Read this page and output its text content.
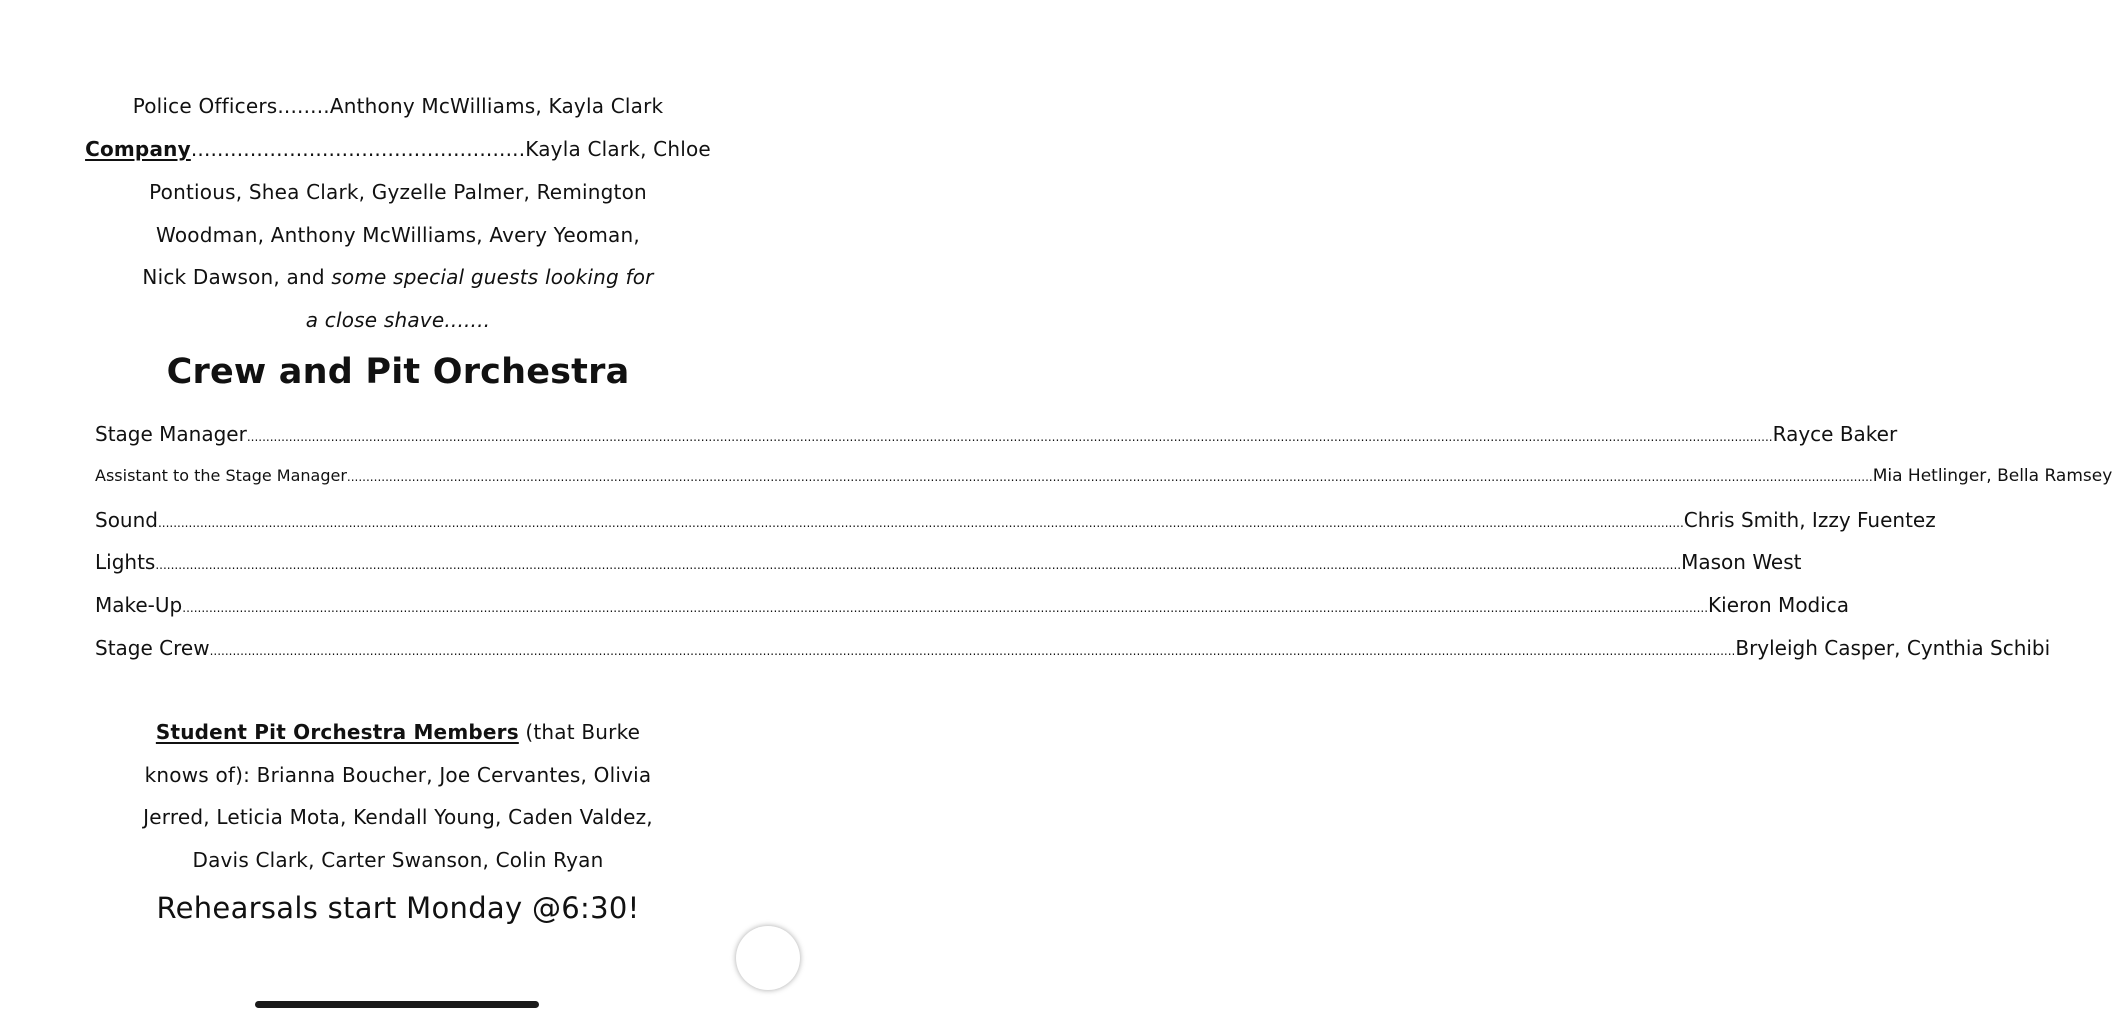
Police Officers........Anthony McWilliams, Kayla Clark
Company...................................................Kayla Clark, Chloe
Pontious, Shea Clark, Gyzelle Palmer, Remington
Woodman, Anthony McWilliams, Avery Yeoman,
Nick Dawson, and some special guests looking for
a close shave.......
Crew and Pit Orchestra
Stage Manager ................................................................................................................................................................................................................................................................................................................................................................................................................ Rayce Baker
Assistant to the Stage Manager ................................................................................................................................................................................................................................................................................................................................................................................................................ Mia Hetlinger, Bella Ramsey
Sound ................................................................................................................................................................................................................................................................................................................................................................................................................ Chris Smith, Izzy Fuentez
Lights ................................................................................................................................................................................................................................................................................................................................................................................................................ Mason West
Make-Up ................................................................................................................................................................................................................................................................................................................................................................................................................ Kieron Modica
Stage Crew ................................................................................................................................................................................................................................................................................................................................................................................................................ Bryleigh Casper, Cynthia Schibi
Student Pit Orchestra Members (that Burke
knows of): Brianna Boucher, Joe Cervantes, Olivia
Jerred, Leticia Mota, Kendall Young, Caden Valdez,
Davis Clark, Carter Swanson, Colin Ryan
Rehearsals start Monday @6:30!
